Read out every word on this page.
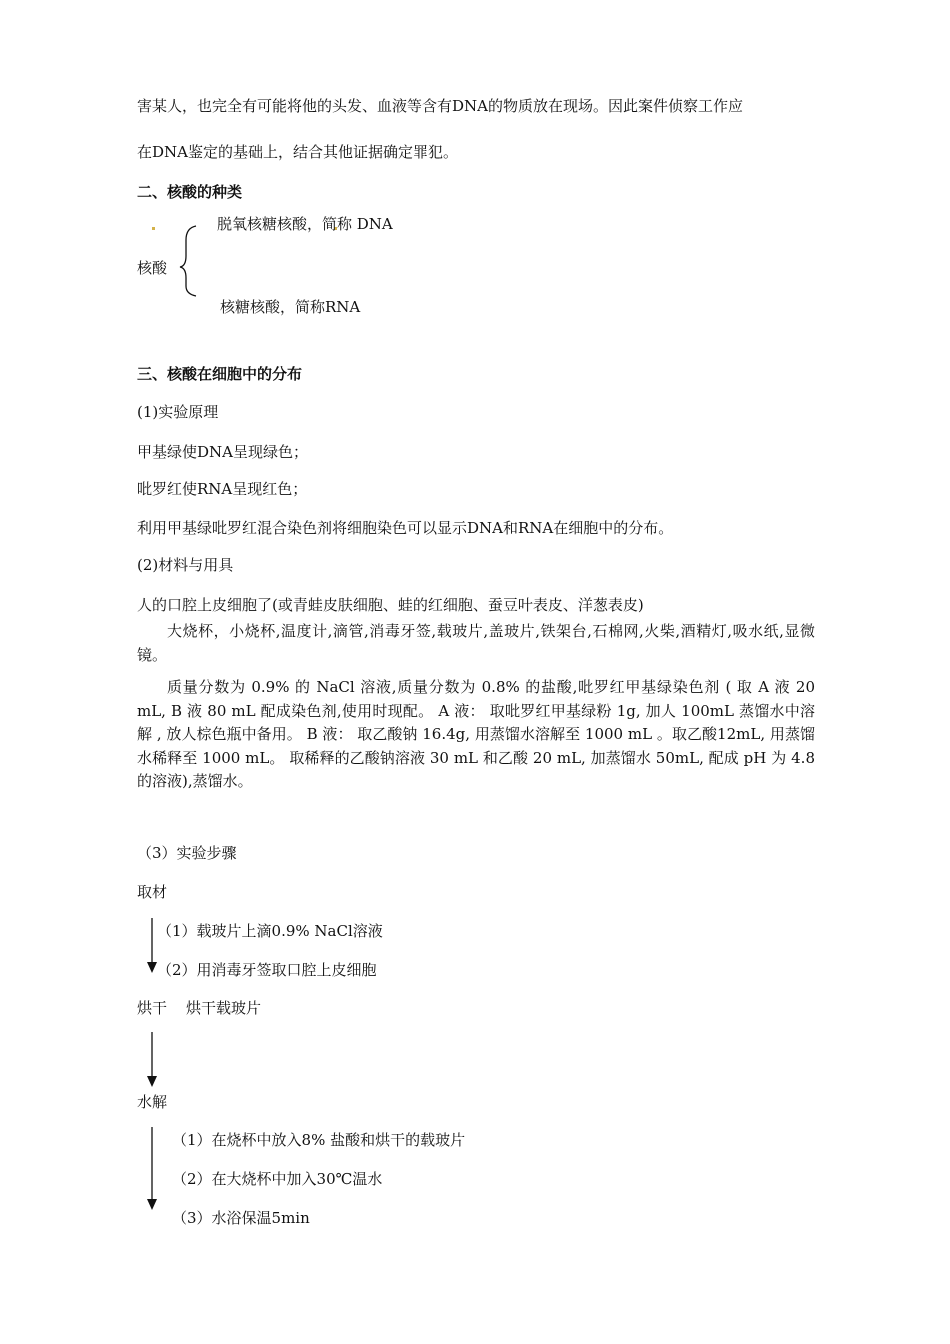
害某人，也完全有可能将他的头发、血液等含有DNA的物质放在现场。因此案件侦察工作应
在DNA鉴定的基础上，结合其他证据确定罪犯。
二、核酸的种类
脱氧核糖核酸，简称 DNA
核酸
核糖核酸，简称RNA
三、核酸在细胞中的分布
(1)实验原理
甲基绿使DNA呈现绿色；
吡罗红使RNA呈现红色；
利用甲基绿吡罗红混合染色剂将细胞染色可以显示DNA和RNA在细胞中的分布。
(2)材料与用具
人的口腔上皮细胞了(或青蛙皮肤细胞、蛙的红细胞、蚕豆叶表皮、洋葱表皮)
大烧杯，小烧杯,温度计,滴管,消毒牙签,载玻片,盖玻片,铁架台,石棉网,火柴,酒精灯,吸水纸,显微镜。
质量分数为 0.9% 的 NaCl 溶液,质量分数为 0.8% 的盐酸,吡罗红甲基绿染色剂 ( 取 A 液 20 mL, B 液 80 mL 配成染色剂,使用时现配。 A 液： 取吡罗红甲基绿粉 1g, 加人 100mL 蒸馏水中溶解 , 放人棕色瓶中备用。 B 液： 取乙酸钠 16.4g, 用蒸馏水溶解至 1000 mL 。取乙酸12mL, 用蒸馏水稀释至 1000 mL。 取稀释的乙酸钠溶液 30 mL 和乙酸 20 mL, 加蒸馏水 50mL, 配成 pH 为 4.8 的溶液),蒸馏水。
（3）实验步骤
取材
（1）载玻片上滴0.9% NaCl溶液
（2）用消毒牙签取口腔上皮细胞
烘干 烘干载玻片
水解
（1）在烧杯中放入8% 盐酸和烘干的载玻片
（2）在大烧杯中加入30℃温水
（3）水浴保温5min
